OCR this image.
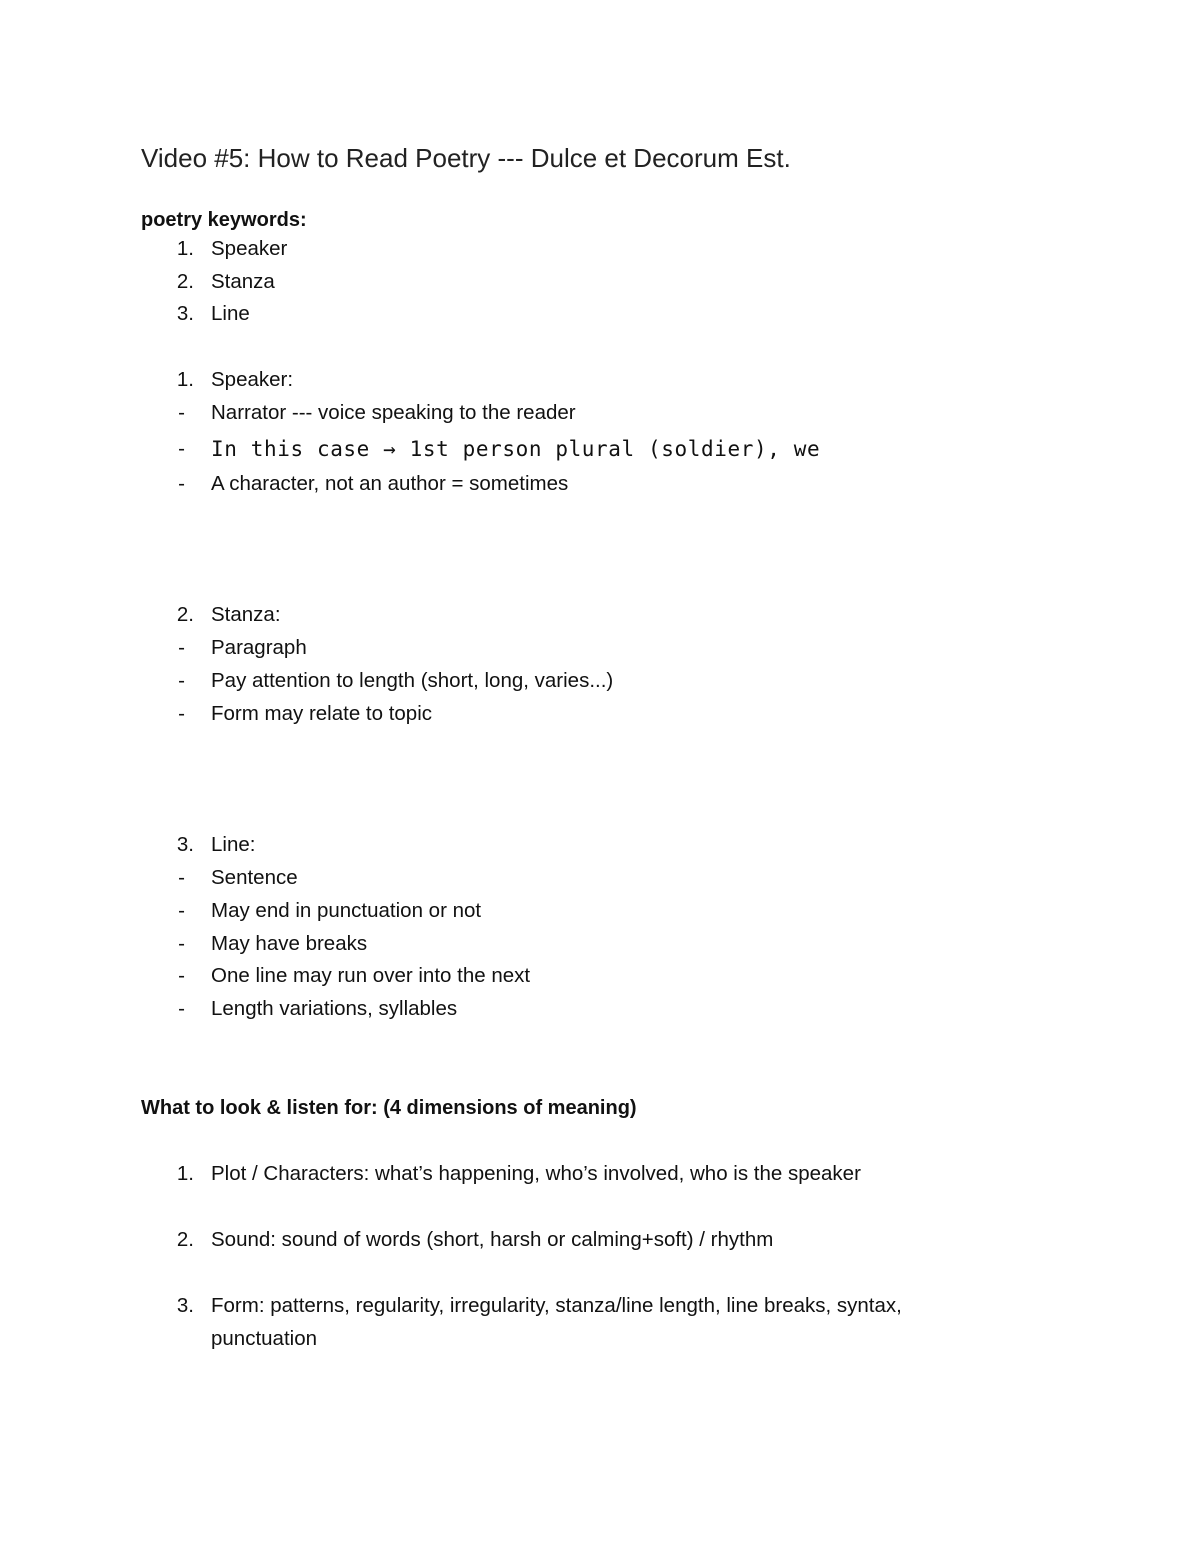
Video #5: How to Read Poetry --- Dulce et Decorum Est.
poetry keywords:
1. Speaker
2. Stanza
3. Line
1. Speaker:
- Narrator --- voice speaking to the reader
- In this case → 1st person plural (soldier), we
- A character, not an author = sometimes
2. Stanza:
- Paragraph
- Pay attention to length (short, long, varies...)
- Form may relate to topic
3. Line:
- Sentence
- May end in punctuation or not
- May have breaks
- One line may run over into the next
- Length variations, syllables
What to look & listen for: (4 dimensions of meaning)
1. Plot / Characters: what’s happening, who’s involved, who is the speaker
2. Sound: sound of words (short, harsh or calming+soft) / rhythm
3. Form: patterns, regularity, irregularity, stanza/line length, line breaks, syntax, punctuation
